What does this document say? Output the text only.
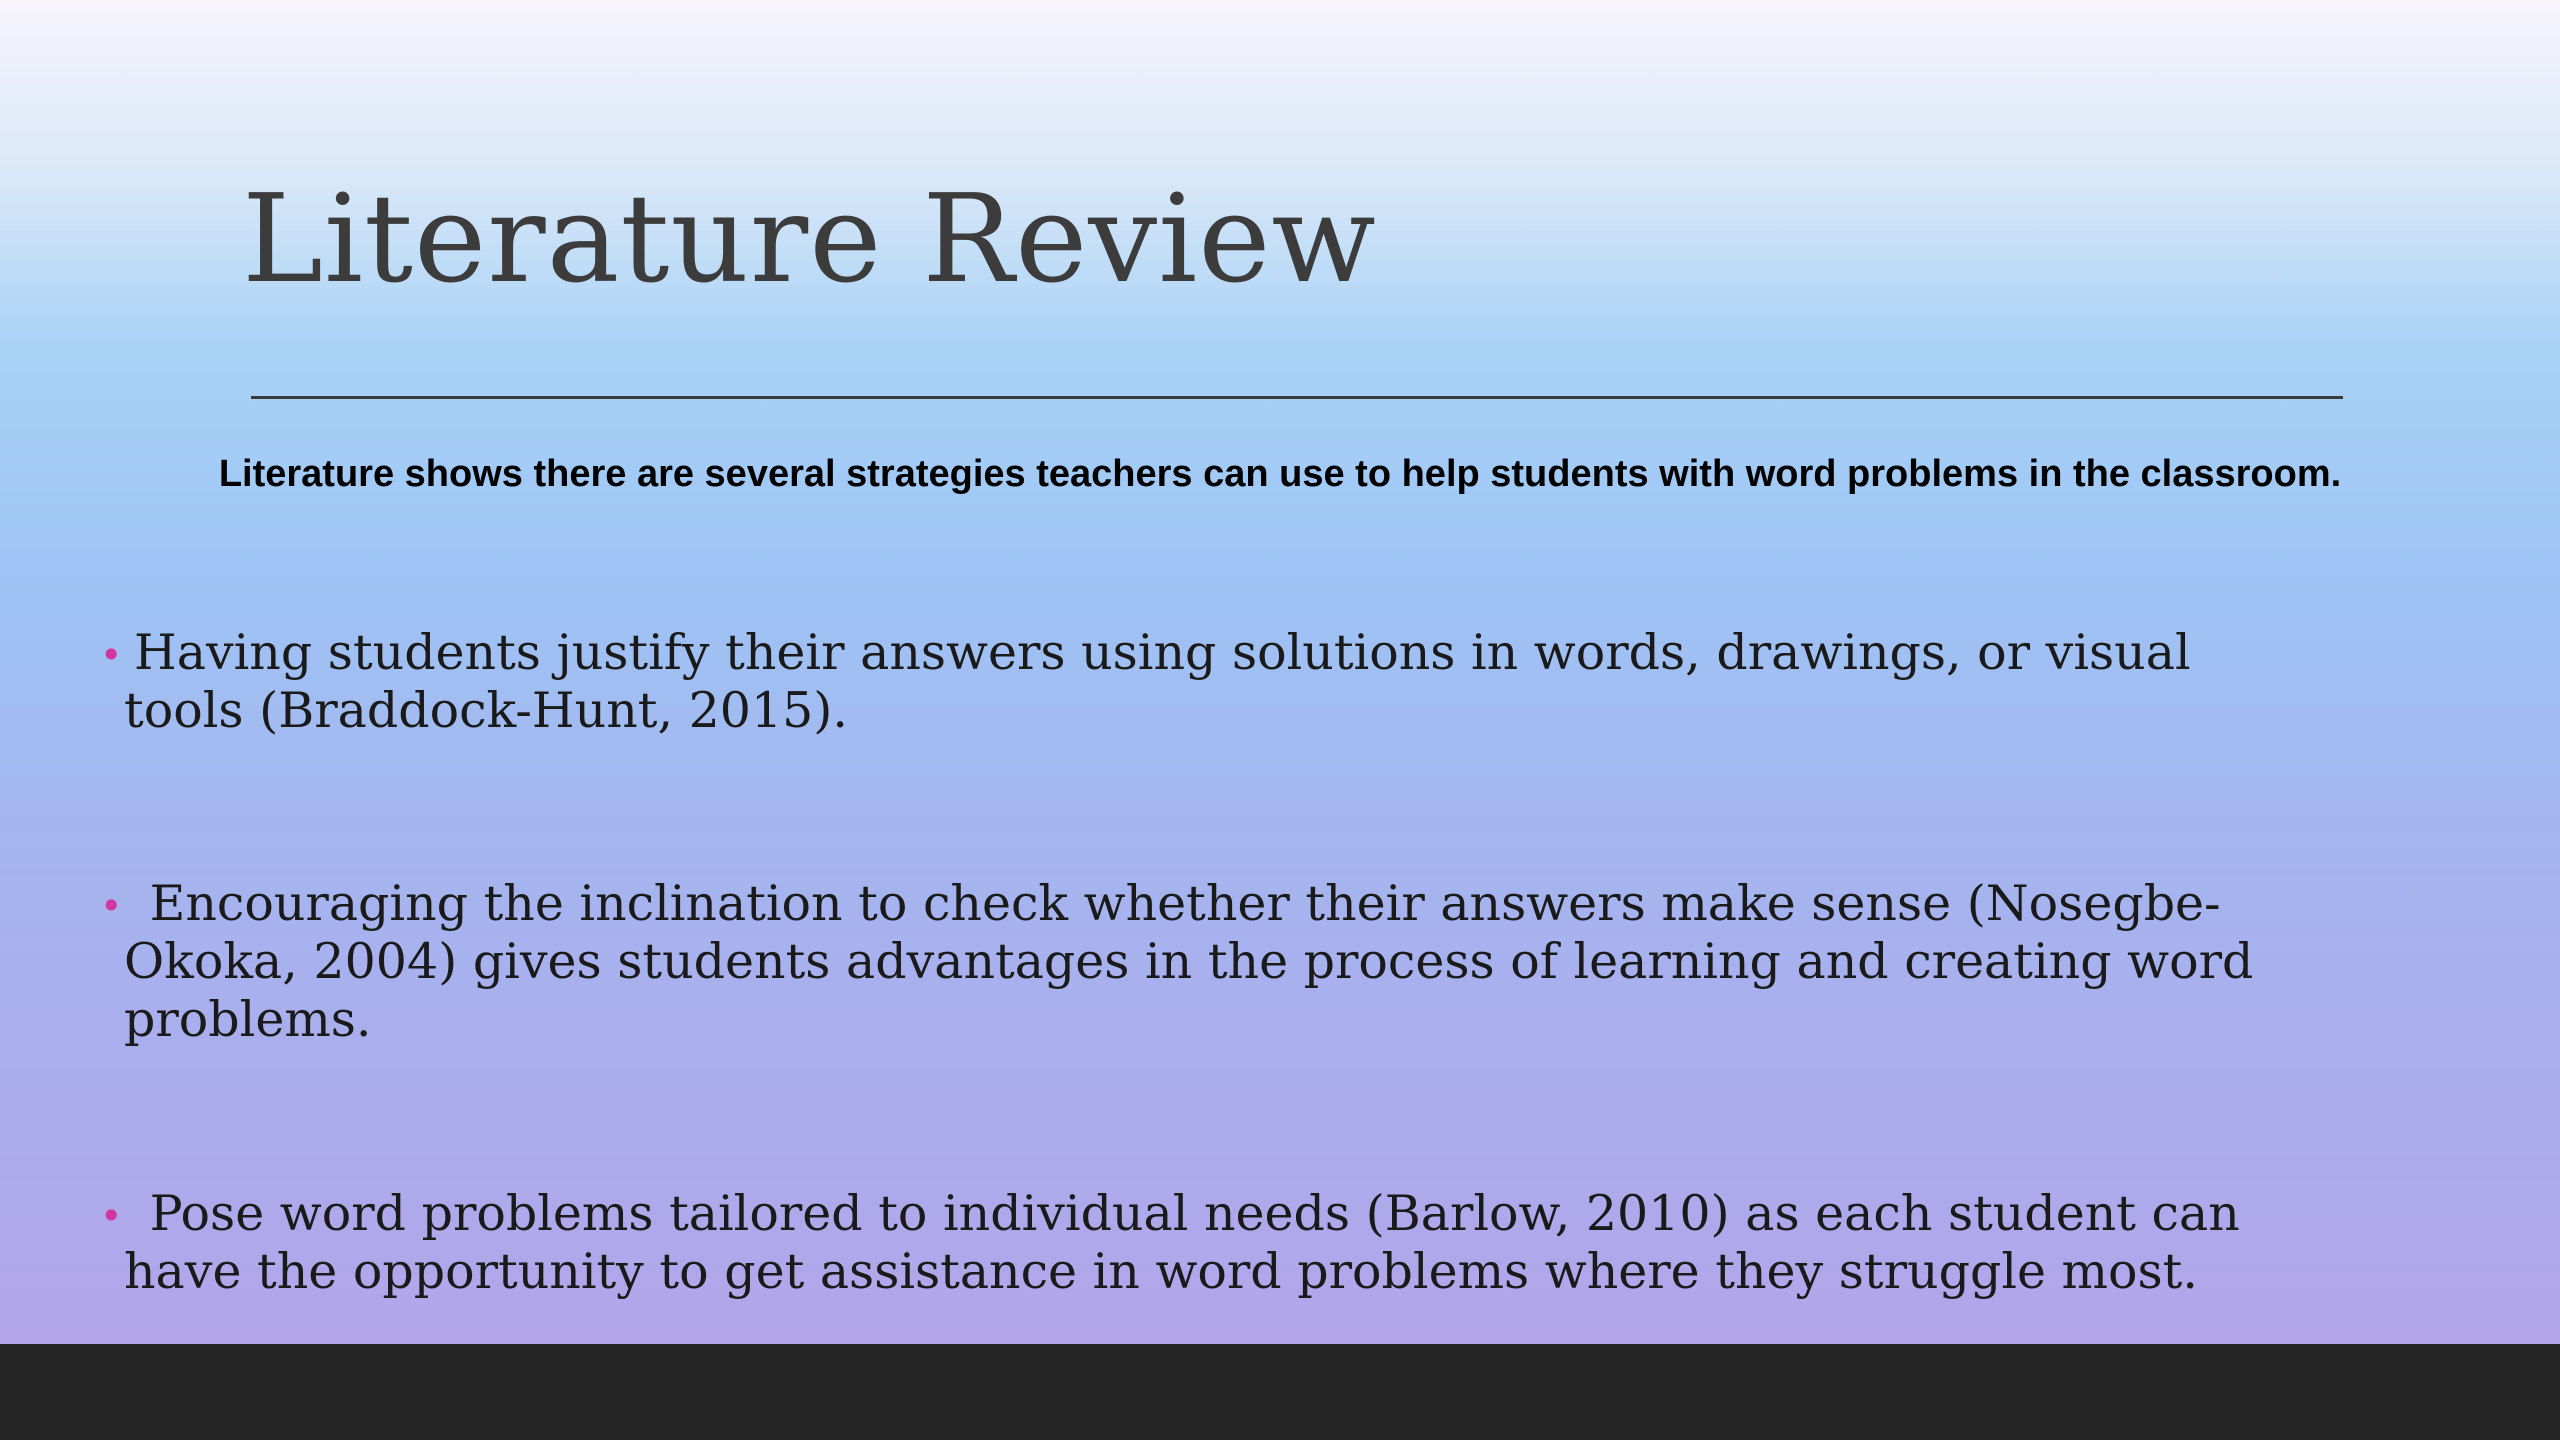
Literature Review

Literature shows there are several strategies teachers can use to help students with word problems in the classroom.

• Having students justify their answers using solutions in words, drawings, or visual
tools (Braddock-Hunt, 2015).
• Encouraging the inclination to check whether their answers make sense (Nosegbe-
Okoka, 2004) gives students advantages in the process of learning and creating word
problems.
• Pose word problems tailored to individual needs (Barlow, 2010) as each student can
have the opportunity to get assistance in word problems where they struggle most.
